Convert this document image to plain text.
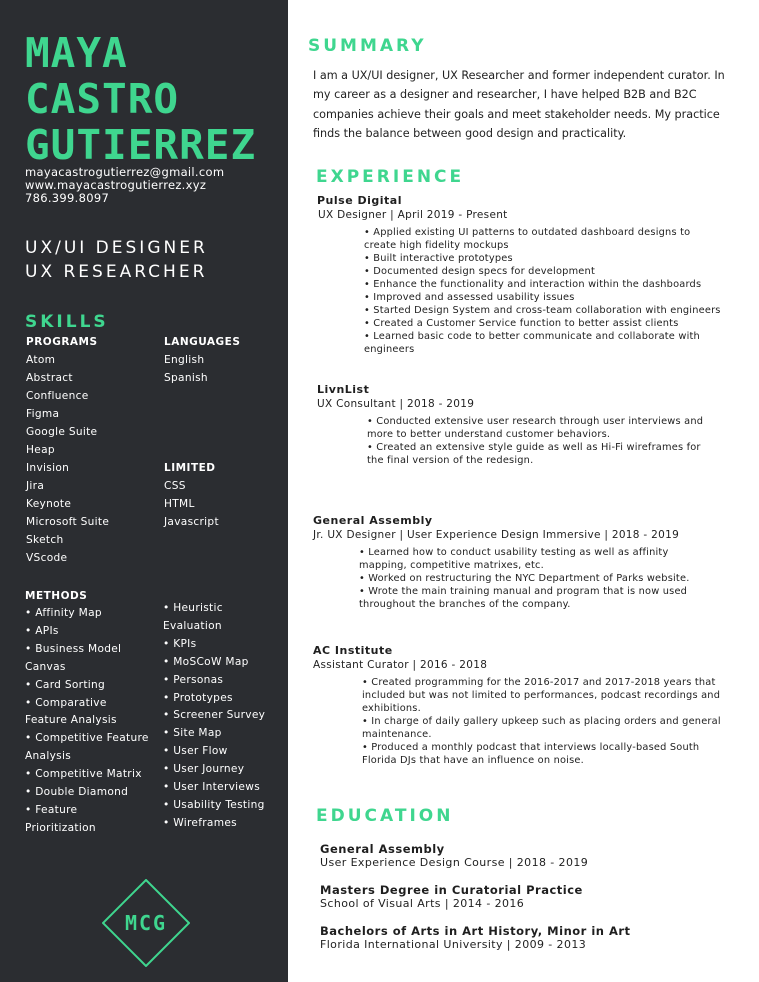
MAYA
CASTRO
GUTIERREZ
mayacastrogutierrez@gmail.com
www.mayacastrogutierrez.xyz
786.399.8097
UX/UI DESIGNER
UX RESEARCHER
SKILLS
PROGRAMS
Atom
Abstract
Confluence
Figma
Google Suite
Heap
Invision
Jira
Keynote
Microsoft Suite
Sketch
VScode
LANGUAGES
English
Spanish
LIMITED
CSS
HTML
Javascript
METHODS
• Affinity Map
• APIs
• Business Model Canvas
• Card Sorting
• Comparative Feature Analysis
• Competitive Feature Analysis
• Competitive Matrix
• Double Diamond
• Feature Prioritization
• Heuristic Evaluation
• KPIs
• MoSCoW Map
• Personas
• Prototypes
• Screener Survey
• Site Map
• User Flow
• User Journey
• User Interviews
• Usability Testing
• Wireframes
MCG
SUMMARY

I am a UX/UI designer, UX Researcher and former independent curator. In my career as a designer and researcher, I have helped B2B and B2C companies achieve their goals and meet stakeholder needs. My practice finds the balance between good design and practicality.

EXPERIENCE
Pulse Digital
UX Designer | April 2019 - Present
• Applied existing UI patterns to outdated dashboard designs to create high fidelity mockups
• Built interactive prototypes
• Documented design specs for development
• Enhance the functionality and interaction within the dashboards
• Improved and assessed usability issues
• Started Design System and cross-team collaboration with engineers
• Created a Customer Service function to better assist clients
• Learned basic code to better communicate and collaborate with engineers
LivnList
UX Consultant | 2018 - 2019
• Conducted extensive user research through user interviews and more to better understand customer behaviors.
• Created an extensive style guide as well as Hi-Fi wireframes for the final version of the redesign.
General Assembly
Jr. UX Designer | User Experience Design Immersive | 2018 - 2019
• Learned how to conduct usability testing as well as affinity mapping, competitive matrixes, etc.
• Worked on restructuring the NYC Department of Parks website.
• Wrote the main training manual and program that is now used throughout the branches of the company.
AC Institute
Assistant Curator | 2016 - 2018
• Created programming for the 2016-2017 and 2017-2018 years that included but was not limited to performances, podcast recordings and exhibitions.
• In charge of daily gallery upkeep such as placing orders and general maintenance.
• Produced a monthly podcast that interviews locally-based South Florida DJs that have an influence on noise.
EDUCATION
General Assembly
User Experience Design Course | 2018 - 2019
Masters Degree in Curatorial Practice
School of Visual Arts | 2014 - 2016
Bachelors of Arts in Art History, Minor in Art
Florida International University | 2009 - 2013
